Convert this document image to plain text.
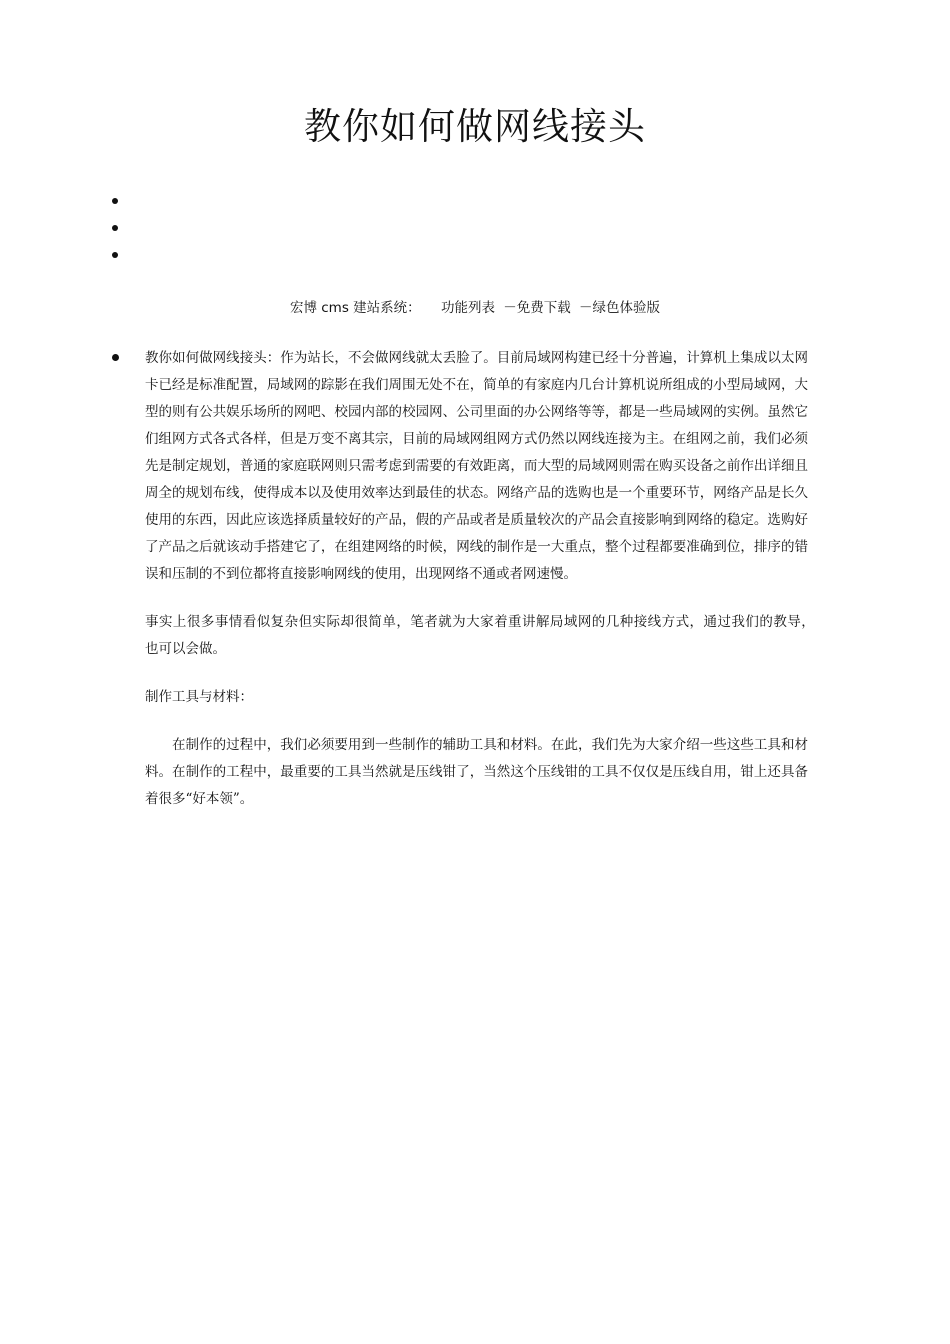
教你如何做网线接头
宏博 cms 建站系统： 功能列表 －免费下载 －绿色体验版

教你如何做网线接头：作为站长，不会做网线就太丢脸了。目前局域网构建已经十分普遍，计算机上集成以太网卡已经是标准配置，局域网的踪影在我们周围无处不在，简单的有家庭内几台计算机说所组成的小型局域网，大型的则有公共娱乐场所的网吧、校园内部的校园网、公司里面的办公网络等等，都是一些局域网的实例。虽然它们组网方式各式各样，但是万变不离其宗，目前的局域网组网方式仍然以网线连接为主。在组网之前，我们必须先是制定规划，普通的家庭联网则只需考虑到需要的有效距离，而大型的局域网则需在购买设备之前作出详细且周全的规划布线，使得成本以及使用效率达到最佳的状态。网络产品的选购也是一个重要环节，网络产品是长久使用的东西，因此应该选择质量较好的产品，假的产品或者是质量较次的产品会直接影响到网络的稳定。选购好了产品之后就该动手搭建它了，在组建网络的时候，网线的制作是一大重点，整个过程都要准确到位，排序的错误和压制的不到位都将直接影响网线的使用，出现网络不通或者网速慢。

事实上很多事情看似复杂但实际却很简单，笔者就为大家着重讲解局域网的几种接线方式，通过我们的教导，　　也可以会做。

制作工具与材料：

在制作的过程中，我们必须要用到一些制作的辅助工具和材料。在此，我们先为大家介绍一些这些工具和材料。在制作的工程中，最重要的工具当然就是压线钳了，当然这个压线钳的工具不仅仅是压线自用，钳上还具备着很多“好本领”。
